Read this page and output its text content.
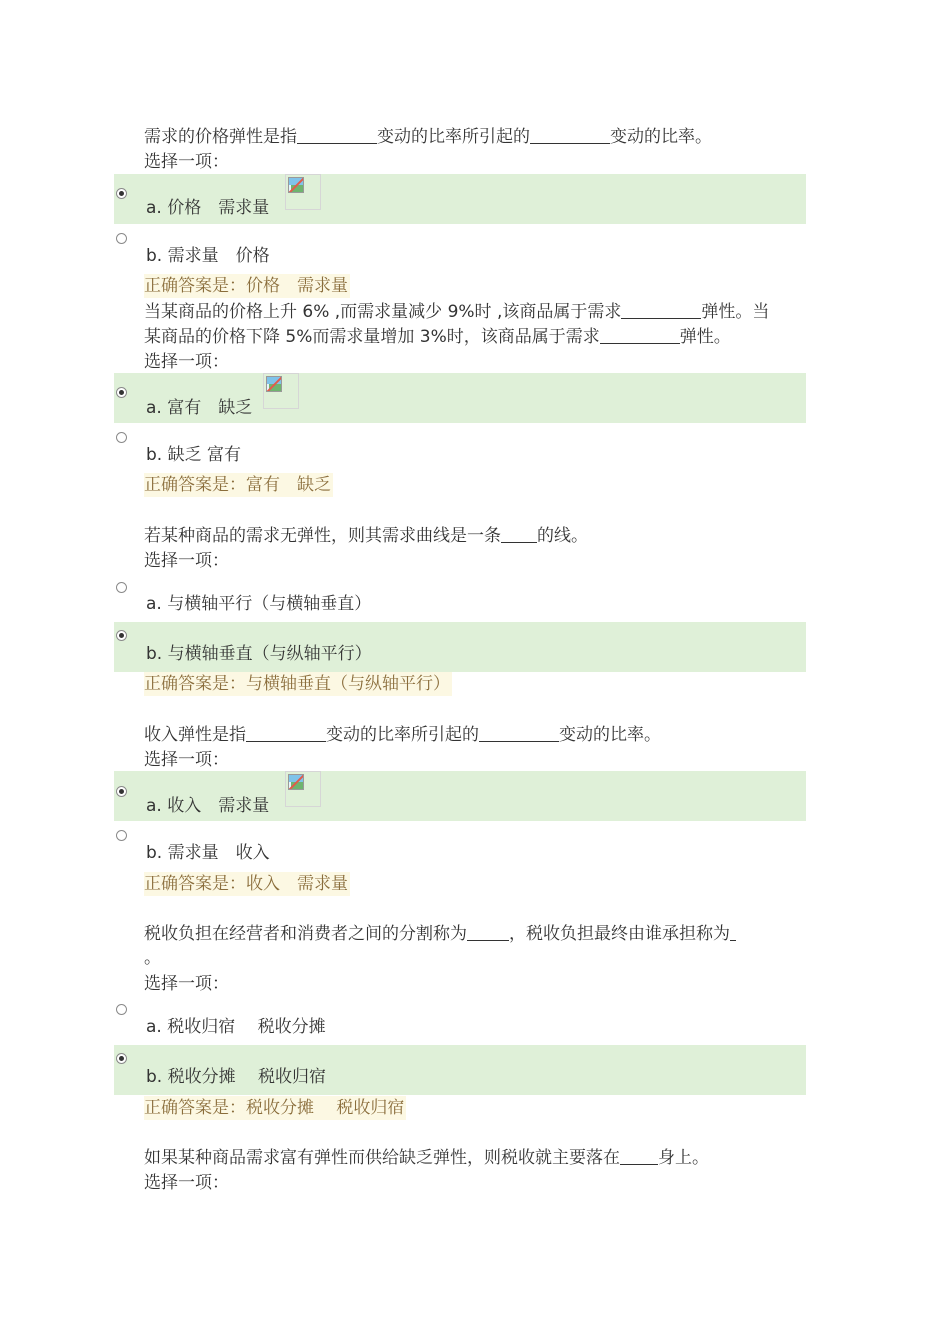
需求的价格弹性是指	变动的比率所引起的	变动的比率。
选择一项：
a. 价格　需求量
b. 需求量　价格
正确答案是：价格　需求量
当某商品的价格上升 6% ,而需求量减少 9%时 ,该商品属于需求	弹性。当
某商品的价格下降 5%而需求量增加 3%时，该商品属于需求	弹性。
选择一项：
a. 富有　缺乏
b. 缺乏 富有
正确答案是：富有　缺乏
若某种商品的需求无弹性，则其需求曲线是一条 的线。
选择一项：
a. 与横轴平行（与横轴垂直）
b. 与横轴垂直（与纵轴平行）
正确答案是：与横轴垂直（与纵轴平行）
收入弹性是指	变动的比率所引起的	变动的比率。
选择一项：
a. 收入　需求量
b. 需求量　收入
正确答案是：收入　需求量
税收负担在经营者和消费者之间的分割称为 ，税收负担最终由谁承担称为
。
选择一项：
a. 税收归宿　 税收分摊
b. 税收分摊　 税收归宿
正确答案是：税收分摊　 税收归宿
如果某种商品需求富有弹性而供给缺乏弹性，则税收就主要落在 身上。
选择一项：
